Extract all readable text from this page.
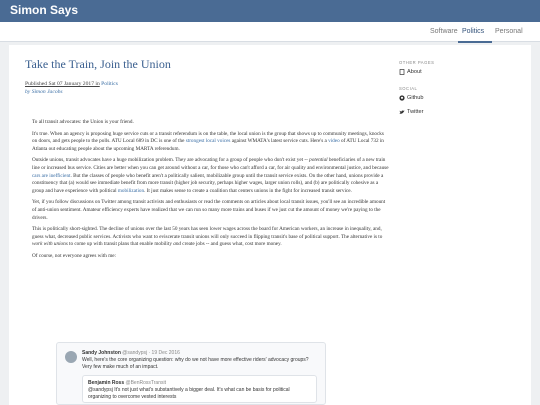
Simon Says
Software Politics Personal
Take the Train, Join the Union
Published Sat 07 January 2017 in Politics
by Simon Jacobs

To all transit advocates: the Union is your friend.

It's true. When an agency is proposing huge service cuts or a transit referendum is on the table, the local union is the group that shows up to community meetings, knocks on doors, and gets people to the polls. ATU Local 689 in DC is one of the strongest local voices against WMATA's latest service cuts. Here's a video of ATU Local 732 in Atlanta out educating people about the upcoming MARTA referendum.

Outside unions, transit advocates have a huge mobilization problem. They are advocating for a group of people who don't exist yet -- potential beneficiaries of a new train line or increased bus service. Cities are better when you can get around without a car, for those who can't afford a car, for air quality and environmental justice, and because cars are inefficient. But the classes of people who benefit aren't a politically salient, mobilizable group until the transit service exists. On the other hand, unions provide a constituency that (a) would see immediate benefit from more transit (higher job security, perhaps higher wages, larger union rolls), and (b) are politically cohesive as a group and have experience with political mobilization. It just makes sense to create a coalition that centers unions in the fight for increased transit service.

Yet, if you follow discussions on Twitter among transit activists and enthusiasts or read the comments on articles about local transit issues, you'll see an incredible amount of anti-union sentiment. Amateur efficiency experts have realized that we can run so many more trains and buses if we just cut the amount of money we're paying to the drivers.

This is politically short-sighted. The decline of unions over the last 50 years has seen lower wages across the board for American workers, an increase in inequality, and, guess what, decreased public services. Activists who want to eviscerate transit unions will only succeed in flipping transit's base of political support. The alternative is to work with unions to come up with transit plans that enable mobility and create jobs -- and guess what, cost more money.

Of course, not everyone agrees with me:

Sandy Johnston @sandypsj · 19 Dec 2016
Well, here's the core organizing question: why do we not have more effective riders' advocacy groups? Very few make much of an impact.
Benjamin Ross @BenRossTransit
@sandypsj It's not just what's substantively a bigger deal. It's what can be basis for political organizing to overcome vested interests
OTHER PAGES
About
SOCIAL
Github
Twitter
